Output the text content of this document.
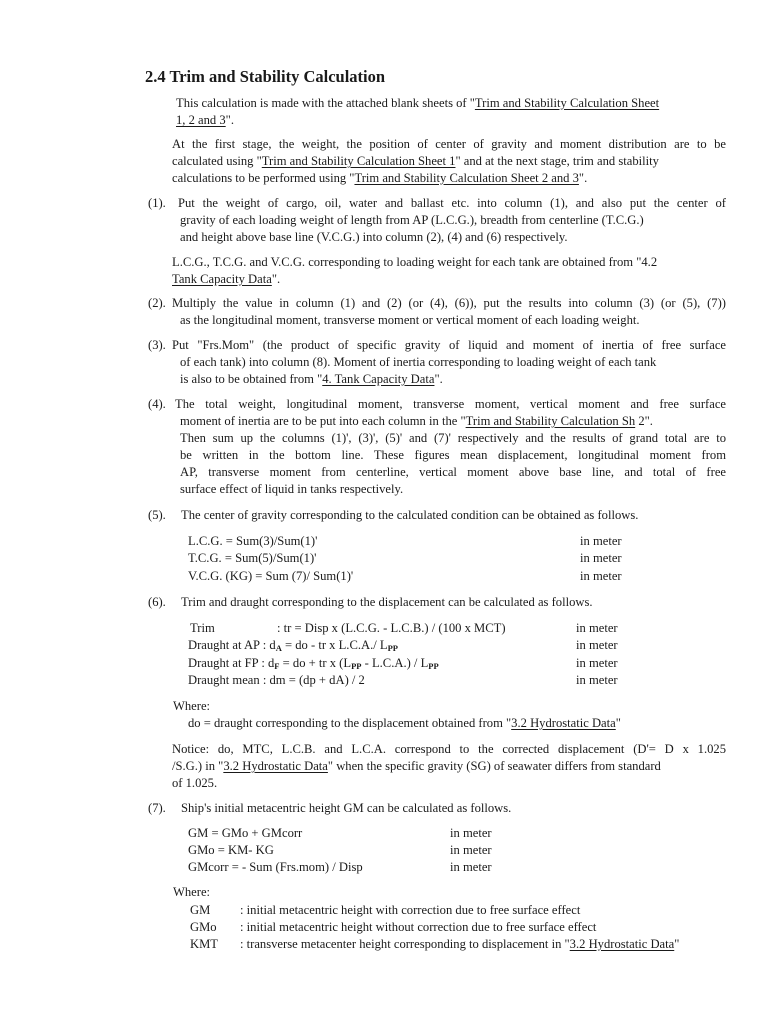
2.4 Trim and Stability Calculation

This calculation is made with the attached blank sheets of "Trim and Stability Calculation Sheet

1, 2 and 3".

At the first stage, the weight, the position of center of gravity and moment distribution are to be

calculated using "Trim and Stability Calculation Sheet 1" and at the next stage, trim and stability

calculations to be performed using "Trim and Stability Calculation Sheet 2 and 3".

(1). Put the weight of cargo, oil, water and ballast etc. into column (1), and also put the center of

gravity of each loading weight of length from AP (L.C.G.), breadth from centerline (T.C.G.)

and height above base line (V.C.G.) into column (2), (4) and (6) respectively.

L.C.G., T.C.G. and V.C.G. corresponding to loading weight for each tank are obtained from "4.2

Tank Capacity Data".

(2). Multiply the value in column (1) and (2) (or (4), (6)), put the results into column (3) (or (5), (7))

as the longitudinal moment, transverse moment or vertical moment of each loading weight.

(3). Put "Frs.Mom" (the product of specific gravity of liquid and moment of inertia of free surface

of each tank) into column (8). Moment of inertia corresponding to loading weight of each tank

is also to be obtained from "4. Tank Capacity Data".

(4). The total weight, longitudinal moment, transverse moment, vertical moment and free surface

moment of inertia are to be put into each column in the "Trim and Stability Calculation Sh 2".

Then sum up the columns (1)', (3)', (5)' and (7)' respectively and the results of grand total are to

be written in the bottom line. These figures mean displacement, longitudinal moment from

AP, transverse moment from centerline, vertical moment above base line, and total of free

surface effect of liquid in tanks respectively.

(5). The center of gravity corresponding to the calculated condition can be obtained as follows.

L.C.G. = Sum(3)/Sum(1)'	in meter

T.C.G. = Sum(5)/Sum(1)'	in meter

V.C.G. (KG) = Sum (7)/ Sum(1)'	in meter

(6). Trim and draught corresponding to the displacement can be calculated as follows.

Trim	: tr = Disp x (L.C.G. - L.C.B.) / (100 x MCT)	in meter

Draught at AP : dA = do - tr x L.C.A./ LPP	in meter

Draught at FP : dF = do + tr x (LPP - L.C.A.) / LPP	in meter

Draught mean : dm = (dp + dA) / 2	in meter

Where:

do = draught corresponding to the displacement obtained from "3.2 Hydrostatic Data"

Notice: do, MTC, L.C.B. and L.C.A. correspond to the corrected displacement (D'= D x 1.025

/S.G.) in "3.2 Hydrostatic Data" when the specific gravity (SG) of seawater differs from standard

of 1.025.

(7). Ship's initial metacentric height GM can be calculated as follows.

GM = GMo + GMcorr	in meter

GMo = KM- KG	in meter

GMcorr = - Sum (Frs.mom) / Disp	in meter

Where:

GM : initial metacentric height with correction due to free surface effect

GMo : initial metacentric height without correction due to free surface effect

KMT : transverse metacenter height corresponding to displacement in "3.2 Hydrostatic Data"
